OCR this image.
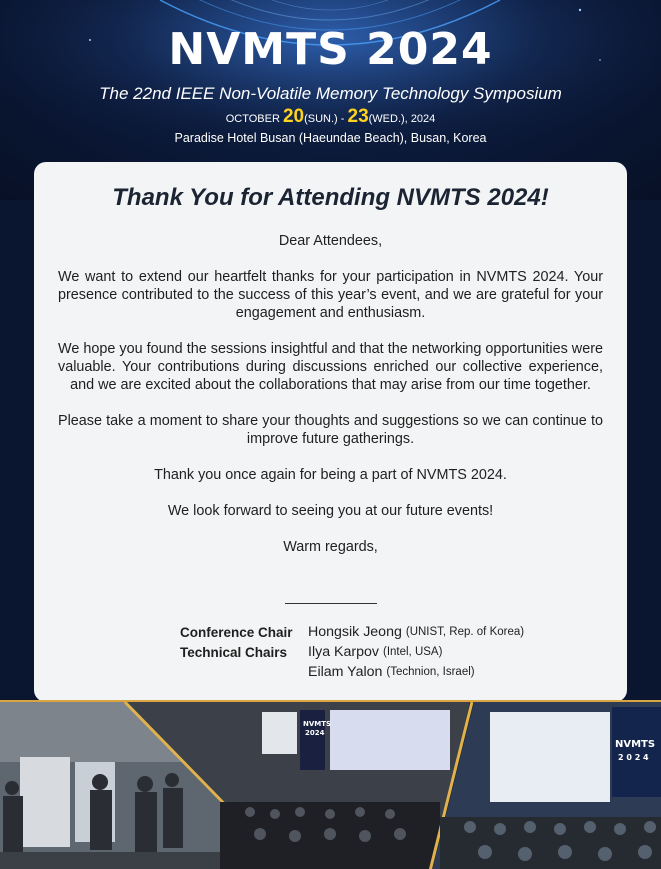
NVMTS 2024
The 22nd IEEE Non-Volatile Memory Technology Symposium
OCTOBER 20(SUN.) - 23(WED.), 2024
Paradise Hotel Busan (Haeundae Beach), Busan, Korea
Thank You for Attending NVMTS 2024!

Dear Attendees,

We want to extend our heartfelt thanks for your participation in NVMTS 2024. Your presence contributed to the success of this year’s event, and we are grateful for your engagement and enthusiasm.

We hope you found the sessions insightful and that the networking opportunities were valuable. Your contributions during discussions enriched our collective experience, and we are excited about the collaborations that may arise from our time together.

Please take a moment to share your thoughts and suggestions so we can continue to improve future gatherings.

Thank you once again for being a part of NVMTS 2024.

We look forward to seeing you at our future events!

Warm regards,

Conference Chair	Hongsik Jeong (UNIST, Rep. of Korea)
Technical Chairs	Ilya Karpov (Intel, USA)
Eilam Yalon (Technion, Israel)
NVMTS
2024
NVMTS
2 0 2 4
